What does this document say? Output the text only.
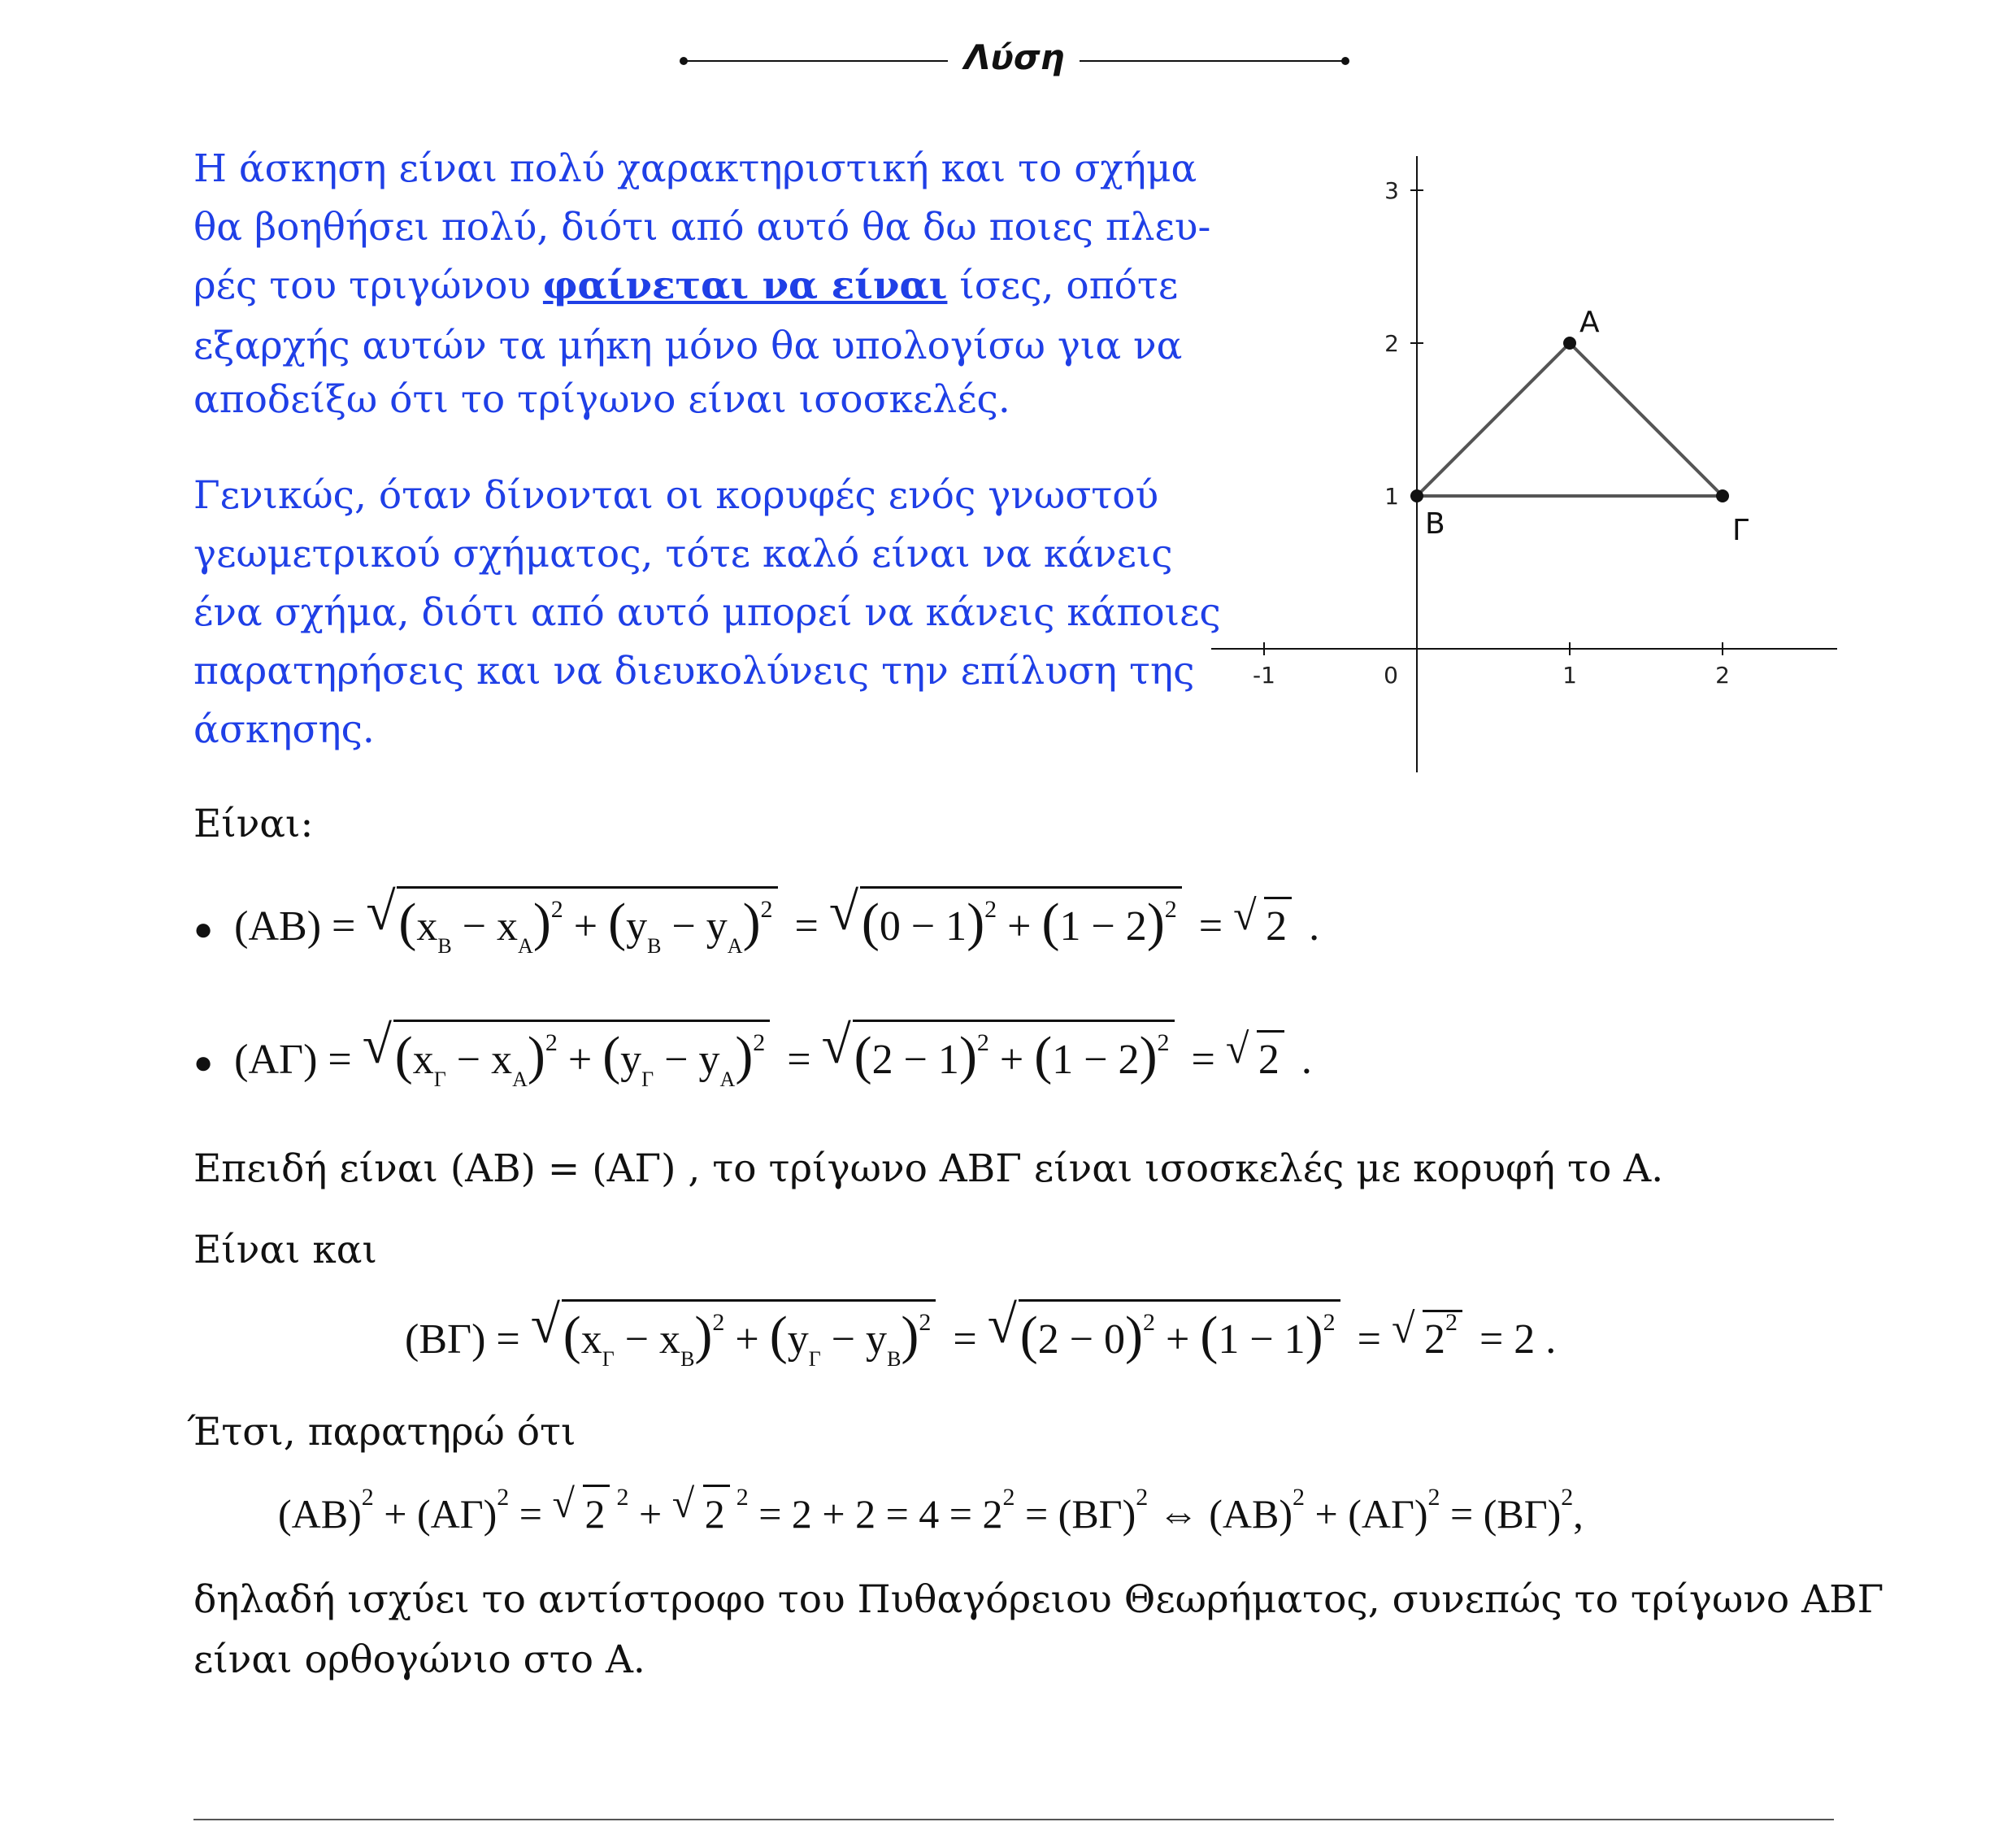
Λύση
Η άσκηση είναι πολύ χαρακτηριστική και το σχήμα
θα βοηθήσει πολύ, διότι από αυτό θα δω ποιες πλευ-
ρές του τριγώνου φαίνεται να είναι ίσες, οπότε
εξαρχής αυτών τα μήκη μόνο θα υπολογίσω για να
αποδείξω ότι το τρίγωνο είναι ισοσκελές.
Γενικώς, όταν δίνονται οι κορυφές ενός γνωστού
γεωμετρικού σχήματος, τότε καλό είναι να κάνεις
ένα σχήμα, διότι από αυτό μπορεί να κάνεις κάποιες
παρατηρήσεις και να διευκολύνεις την επίλυση της
άσκησης.
-1	0	1	2
1
2
3
A
B	Γ
Είναι:
● (AB) = √ $(x_B - x_A)^2 + (y_B - y_A)^2$ = √ $(0 - 1)^2 + (1 - 2)^2$ = √ 2 .
● (AΓ) = √ $(x_\Gamma - x_A)^2 + (y_\Gamma - y_A)^2$ = √ $(2 - 1)^2 + (1 - 2)^2$ = √ 2 .
Επειδή είναι (AB) = (AΓ) , το τρίγωνο ABΓ είναι ισοσκελές με κορυφή το A.
Είναι και
(BΓ) = √ $(x_\Gamma - x_B)^2 + (y_\Gamma - y_B)^2$ = √ $(2 - 0)^2 + (1 - 1)^2$ = √ $2^2 = 2$ .
Έτσι, παρατηρώ ότι
$(AB)^2 + (A\Gamma)^2$ = √ 2 $^2$ + √ 2 $^2 = 2 + 2 = 4 = 2^2 = (B\Gamma)^2$ ⇔ $(AB)^2 + (A\Gamma)^2 = (B\Gamma)^2$,
δηλαδή ισχύει το αντίστροφο του Πυθαγόρειου Θεωρήματος, συνεπώς το τρίγωνο ABΓ
είναι ορθογώνιο στο A.
